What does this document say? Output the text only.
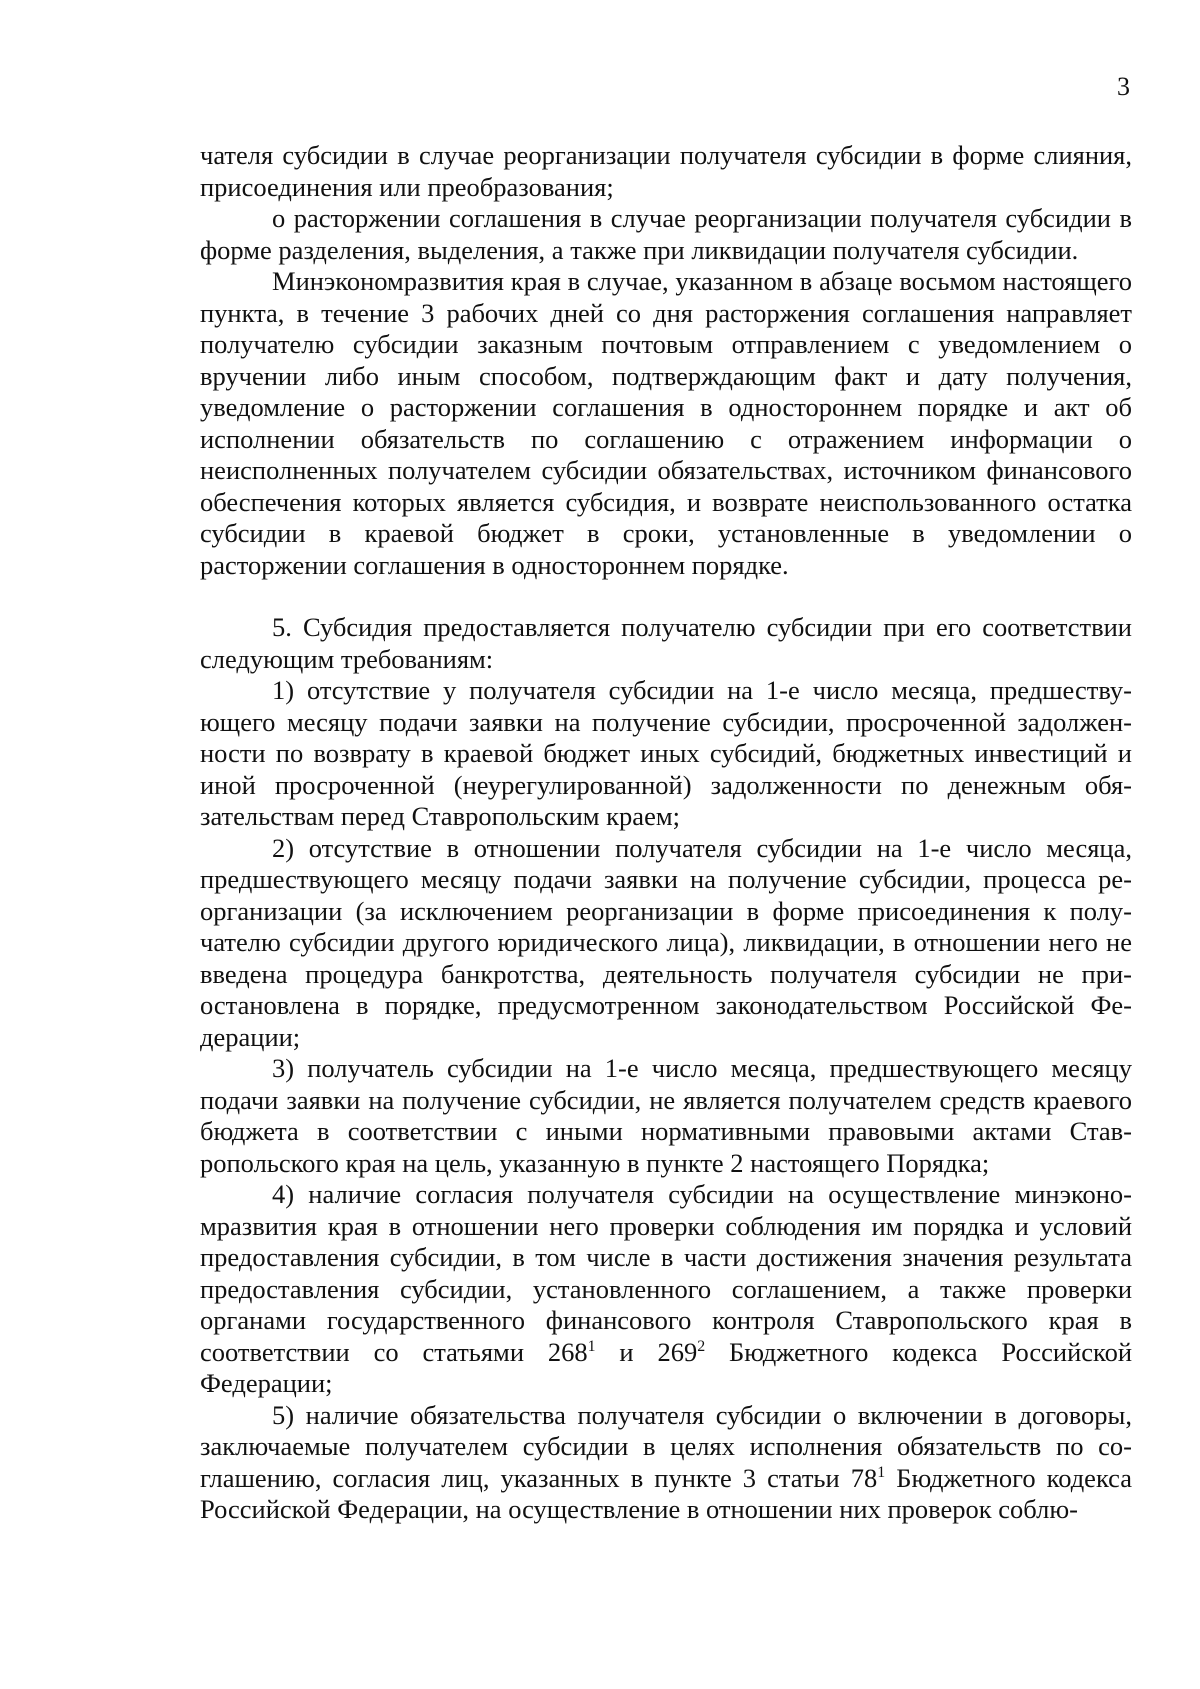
3

чателя субсидии в случае реорганизации получателя субсидии в форме слияния, присоединения или преобразования;

о расторжении соглашения в случае реорганизации получателя субсидии в форме разделения, выделения, а также при ликвидации получателя субсидии.

Минэкономразвития края в случае, указанном в абзаце восьмом настоящего пункта, в течение 3 рабочих дней со дня расторжения соглашения направляет получателю субсидии заказным почтовым отправлением с уведомлением о вручении либо иным способом, подтверждающим факт и дату получения, уведомление о расторжении соглашения в одностороннем порядке и акт об исполнении обязательств по соглашению с отражением информации о неисполненных получателем субсидии обязательствах, источником финансового обеспечения которых является субсидия, и возврате неиспользованного остатка субсидии в краевой бюджет в сроки, установленные в уведомлении о расторжении соглашения в одностороннем порядке.

5. Субсидия предоставляется получателю субсидии при его соответствии следующим требованиям:

1) отсутствие у получателя субсидии на 1-е число месяца, предшествующего месяцу подачи заявки на получение субсидии, просроченной задолженности по возврату в краевой бюджет иных субсидий, бюджетных инвестиций и иной просроченной (неурегулированной) задолженности по денежным обязательствам перед Ставропольским краем;

2) отсутствие в отношении получателя субсидии на 1-е число месяца, предшествующего месяцу подачи заявки на получение субсидии, процесса реорганизации (за исключением реорганизации в форме присоединения к получателю субсидии другого юридического лица), ликвидации, в отношении него не введена процедура банкротства, деятельность получателя субсидии не приостановлена в порядке, предусмотренном законодательством Российской Федерации;

3) получатель субсидии на 1-е число месяца, предшествующего месяцу подачи заявки на получение субсидии, не является получателем средств краевого бюджета в соответствии с иными нормативными правовыми актами Ставропольского края на цель, указанную в пункте 2 настоящего Порядка;

4) наличие согласия получателя субсидии на осуществление минэкономразвития края в отношении него проверки соблюдения им порядка и условий предоставления субсидии, в том числе в части достижения значения результата предоставления субсидии, установленного соглашением, а также проверки органами государственного финансового контроля Ставропольского края в соответствии со статьями $268^1$ и $269^2$ Бюджетного кодекса Российской Федерации;

5) наличие обязательства получателя субсидии о включении в договоры, заключаемые получателем субсидии в целях исполнения обязательств по соглашению, согласия лиц, указанных в пункте 3 статьи $78^1$ Бюджетного кодекса Российской Федерации, на осуществление в отношении них проверок соблю-
